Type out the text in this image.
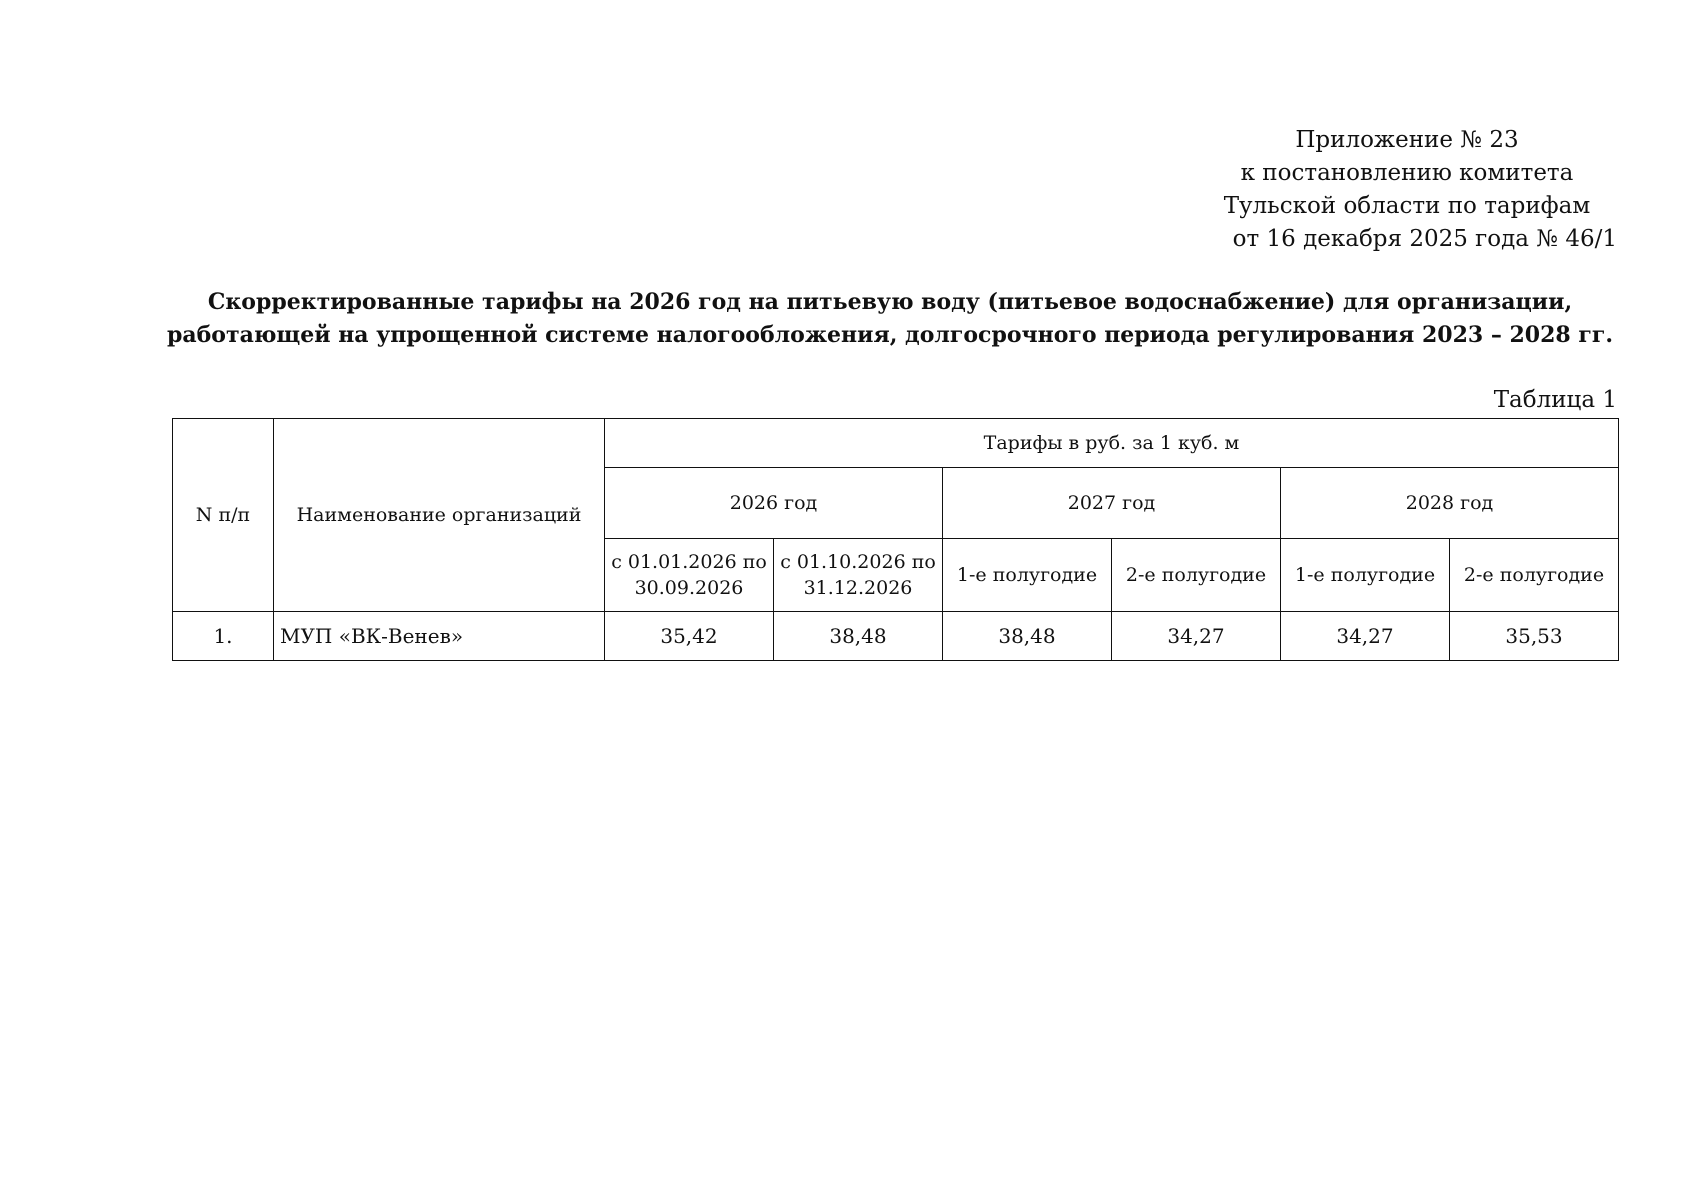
Приложение № 23
к постановлению комитета
Тульской области по тарифам
от 16 декабря 2025 года № 46/1
Скорректированные тарифы на 2026 год на питьевую воду (питьевое водоснабжение) для организации,
работающей на упрощенной системе налогообложения, долгосрочного периода регулирования 2023 – 2028 гг.
Таблица 1
N п/п	Наименование организаций	Тарифы в руб. за 1 куб. м					
		2026 год		2027 год		2028 год	
		с 01.01.2026 по 30.09.2026	с 01.10.2026 по 31.12.2026	1-е полугодие	2-е полугодие	1-е полугодие	2-е полугодие
1.	МУП «ВК-Венев»	35,42	38,48	38,48	34,27	34,27	35,53
